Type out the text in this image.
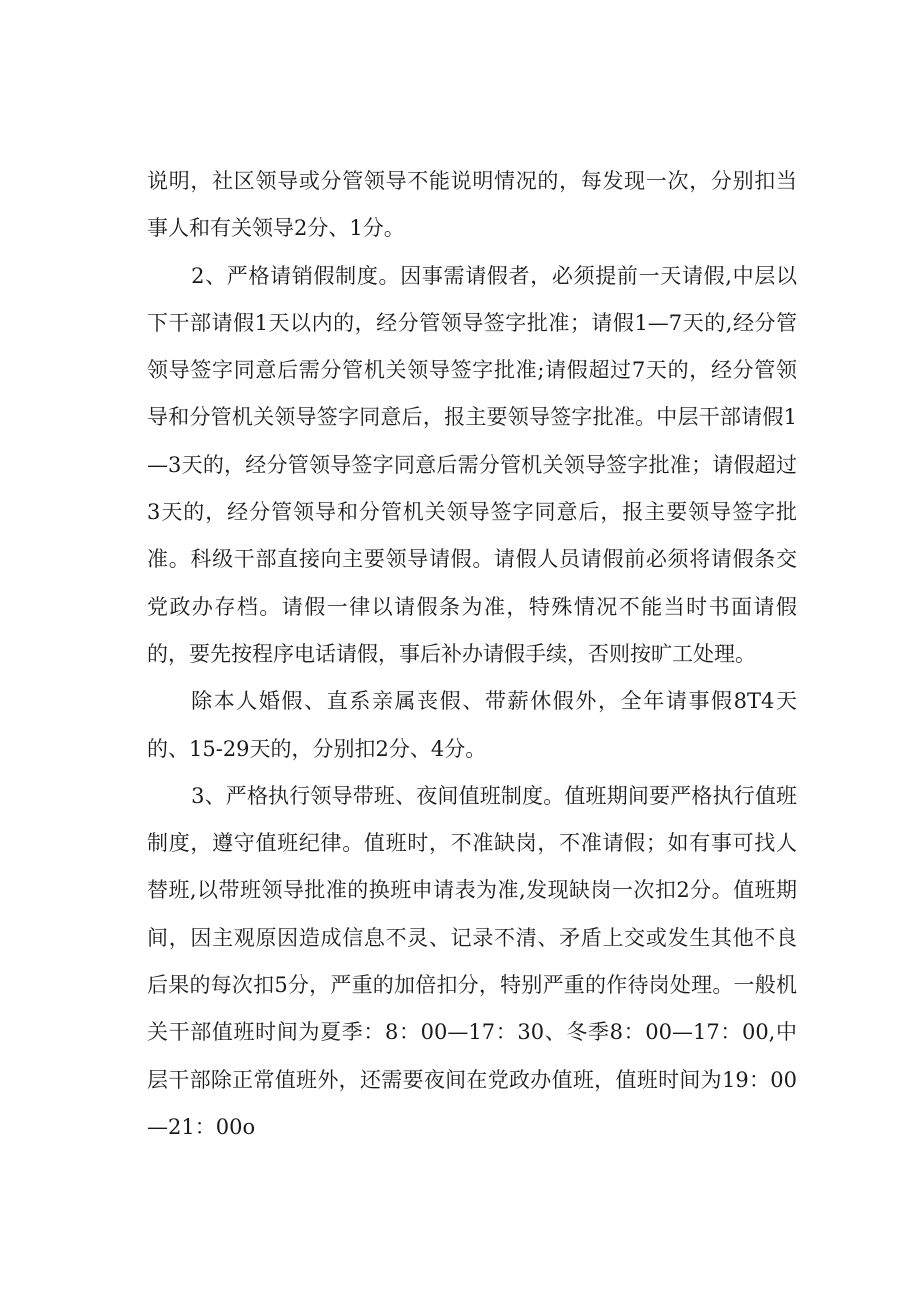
说明，社区领导或分管领导不能说明情况的，每发现一次，分别扣当事人和有关领导2分、1分。

2、严格请销假制度。因事需请假者，必须提前一天请假,中层以下干部请假1天以内的，经分管领导签字批准；请假1—7天的,经分管领导签字同意后需分管机关领导签字批准;请假超过7天的，经分管领导和分管机关领导签字同意后，报主要领导签字批准。中层干部请假1—3天的，经分管领导签字同意后需分管机关领导签字批准；请假超过3天的，经分管领导和分管机关领导签字同意后，报主要领导签字批准。科级干部直接向主要领导请假。请假人员请假前必须将请假条交党政办存档。请假一律以请假条为准，特殊情况不能当时书面请假的，要先按程序电话请假，事后补办请假手续，否则按旷工处理。

除本人婚假、直系亲属丧假、带薪休假外，全年请事假8T4天的、15-29天的，分别扣2分、4分。

3、严格执行领导带班、夜间值班制度。值班期间要严格执行值班制度，遵守值班纪律。值班时，不准缺岗，不准请假；如有事可找人替班,以带班领导批准的换班申请表为准,发现缺岗一次扣2分。值班期间，因主观原因造成信息不灵、记录不清、矛盾上交或发生其他不良后果的每次扣5分，严重的加倍扣分，特别严重的作待岗处理。一般机关干部值班时间为夏季：8：00—17：30、冬季8：00—17：00,中层干部除正常值班外，还需要夜间在党政办值班，值班时间为19：00—21：00o
